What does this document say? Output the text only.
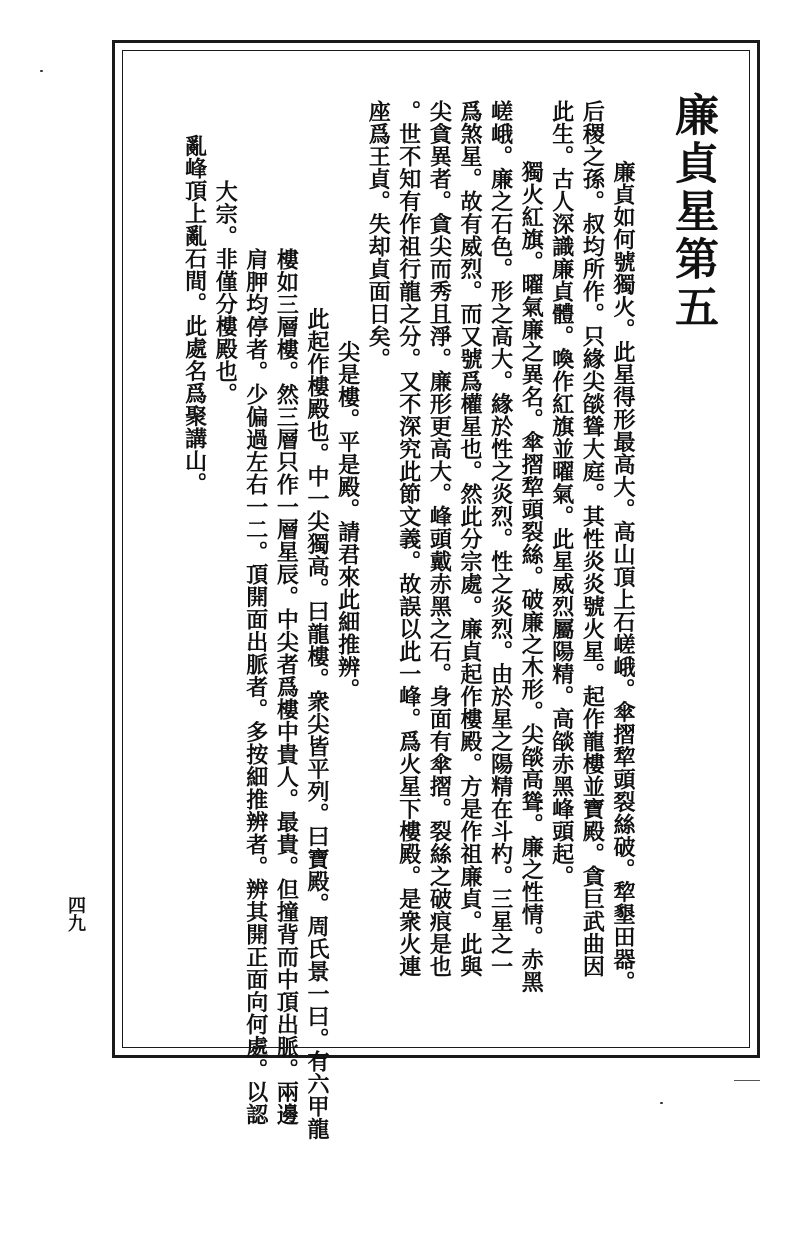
廉貞星第五
　廉貞如何號獨火。此星得形最高大。高山頂上石嵯峨。傘摺犂頭裂絲破。犂墾田器。
后稷之孫。叔均所作。只緣尖燄聳大庭。其性炎炎號火星。起作龍樓並寶殿。貪巨武曲因
此生。古人深識廉貞體。喚作紅旗並曜氣。此星威烈屬陽精。高燄赤黑峰頭起。
　獨火紅旗。曜氣廉之異名。傘摺犂頭裂絲。破廉之木形。尖燄高聳。廉之性情。赤黑
嵯峨。廉之石色。形之高大。緣於性之炎烈。性之炎烈。由於星之陽精在斗杓。三星之一
爲煞星。故有威烈。而又號爲權星也。然此分宗處。廉貞起作樓殿。方是作祖廉貞。此與
尖貪異者。貪尖而秀且淨。廉形更高大。峰頭戴赤黑之石。身面有傘摺。裂絲之破痕是也
。世不知有作祖行龍之分。又不深究此節文義。故誤以此一峰。爲火星下樓殿。是衆火連
座爲王貞。失却貞面日矣。
　尖是樓。平是殿。請君來此細推辨。
　此起作樓殿也。中一尖獨高。曰龍樓。衆尖皆平列。曰寶殿。周氏景一曰。有六甲龍
樓如三層樓。然三層只作一層星辰。中尖者爲樓中貴人。最貴。但撞背而中頂出脈。兩邊
肩胛均停者。少偏過左右一二。頂開面出脈者。多按細推辨者。辨其開正面向何處。以認
大宗。非僅分樓殿也。
　亂峰頂上亂石間。此處名爲聚講山。
四九
